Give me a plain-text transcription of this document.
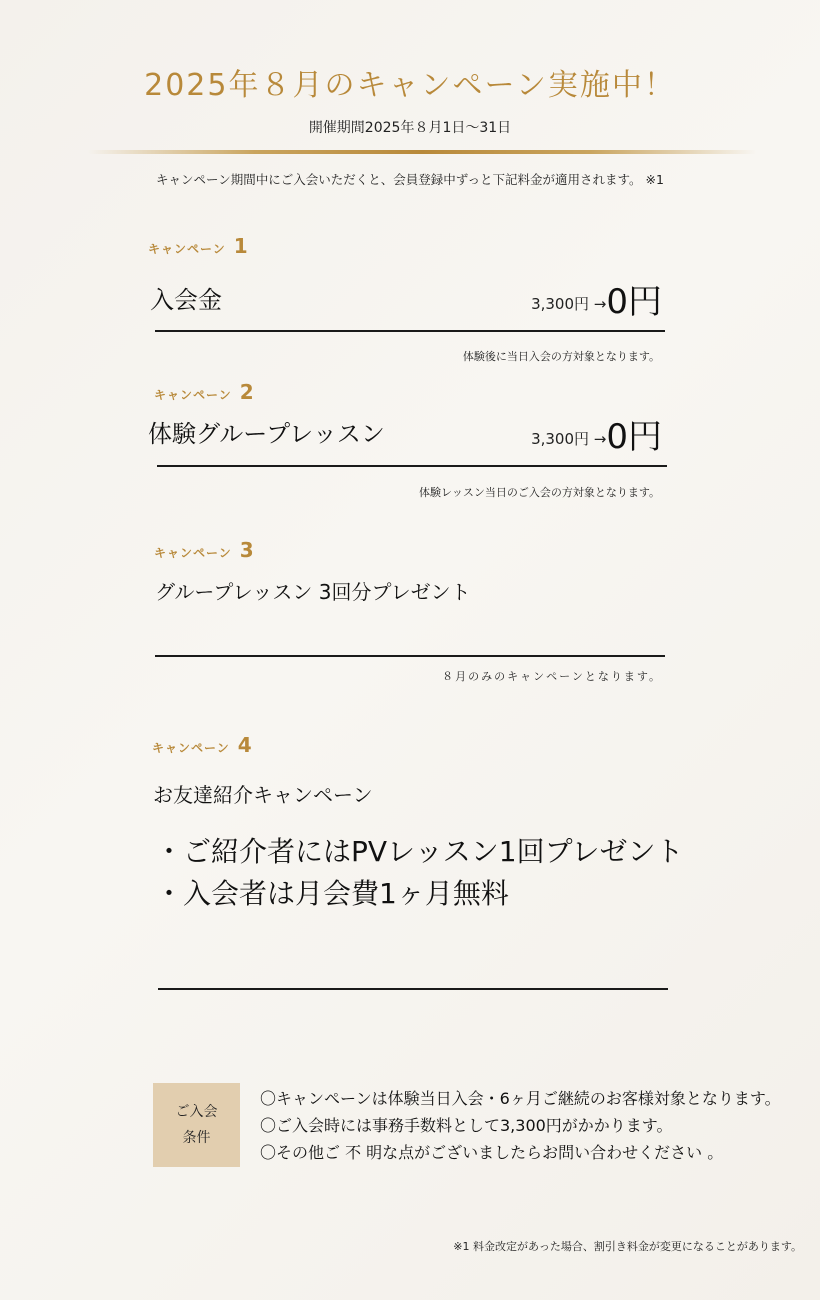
2025年８月のキャンペーン実施中！
開催期間2025年８月1日〜31日
キャンペーン期間中にご入会いただくと、会員登録中ずっと下記料金が適用されます。 ※1
キャンペーン 1
入会金	3,300円 →0円
体験後に当日入会の方対象となります。
キャンペーン 2
体験グループレッスン	3,300円 →0円
体験レッスン当日のご入会の方対象となります。
キャンペーン 3
グループレッスン 3回分プレゼント
８月のみのキャンペーンとなります。
キャンペーン 4
お友達紹介キャンペーン
・ご紹介者にはPVレッスン1回プレゼント
・入会者は月会費1ヶ月無料
ご入会
条件
〇キャンペーンは体験当日入会・6ヶ月ご継続のお客様対象となります。
〇ご入会時には事務手数料として3,300円がかかります。
〇その他ご 不 明な点がございましたらお問い合わせください 。
※1 料金改定があった場合、割引き料金が変更になることがあります。
